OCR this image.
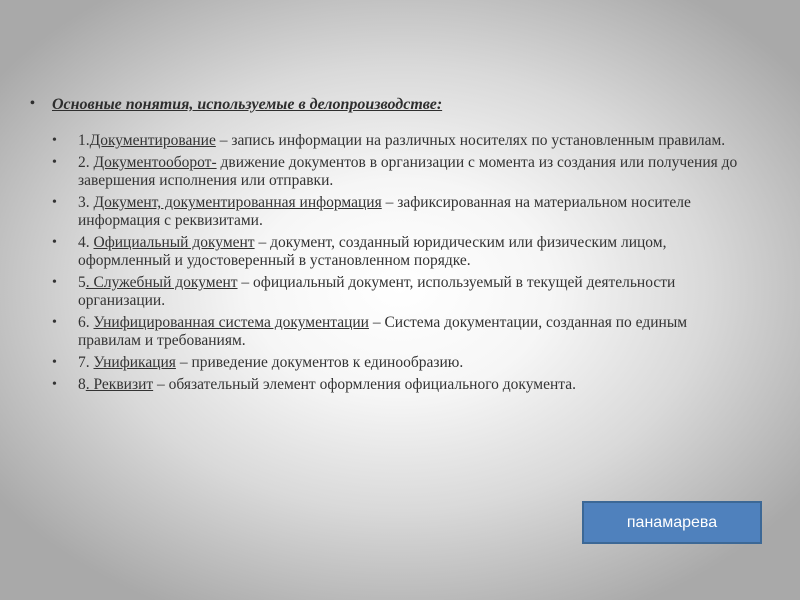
• Основные понятия, используемые в делопроизводстве:
• 1.Документирование – запись информации на различных носителях по установленным правилам.
• 2. Документооборот- движение документов в организации с момента из создания или получения до завершения исполнения или отправки.
• 3. Документ, документированная информация – зафиксированная на материальном носителе информация с реквизитами.
• 4. Официальный документ – документ, созданный юридическим или физическим лицом, оформленный и удостоверенный в установленном порядке.
• 5. Служебный документ – официальный документ, используемый в текущей деятельности организации.
• 6. Унифицированная система документации – Система документации, созданная по единым правилам и требованиям.
• 7. Унификация – приведение документов к единообразию.
• 8. Реквизит – обязательный элемент оформления официального документа.
панамарева
